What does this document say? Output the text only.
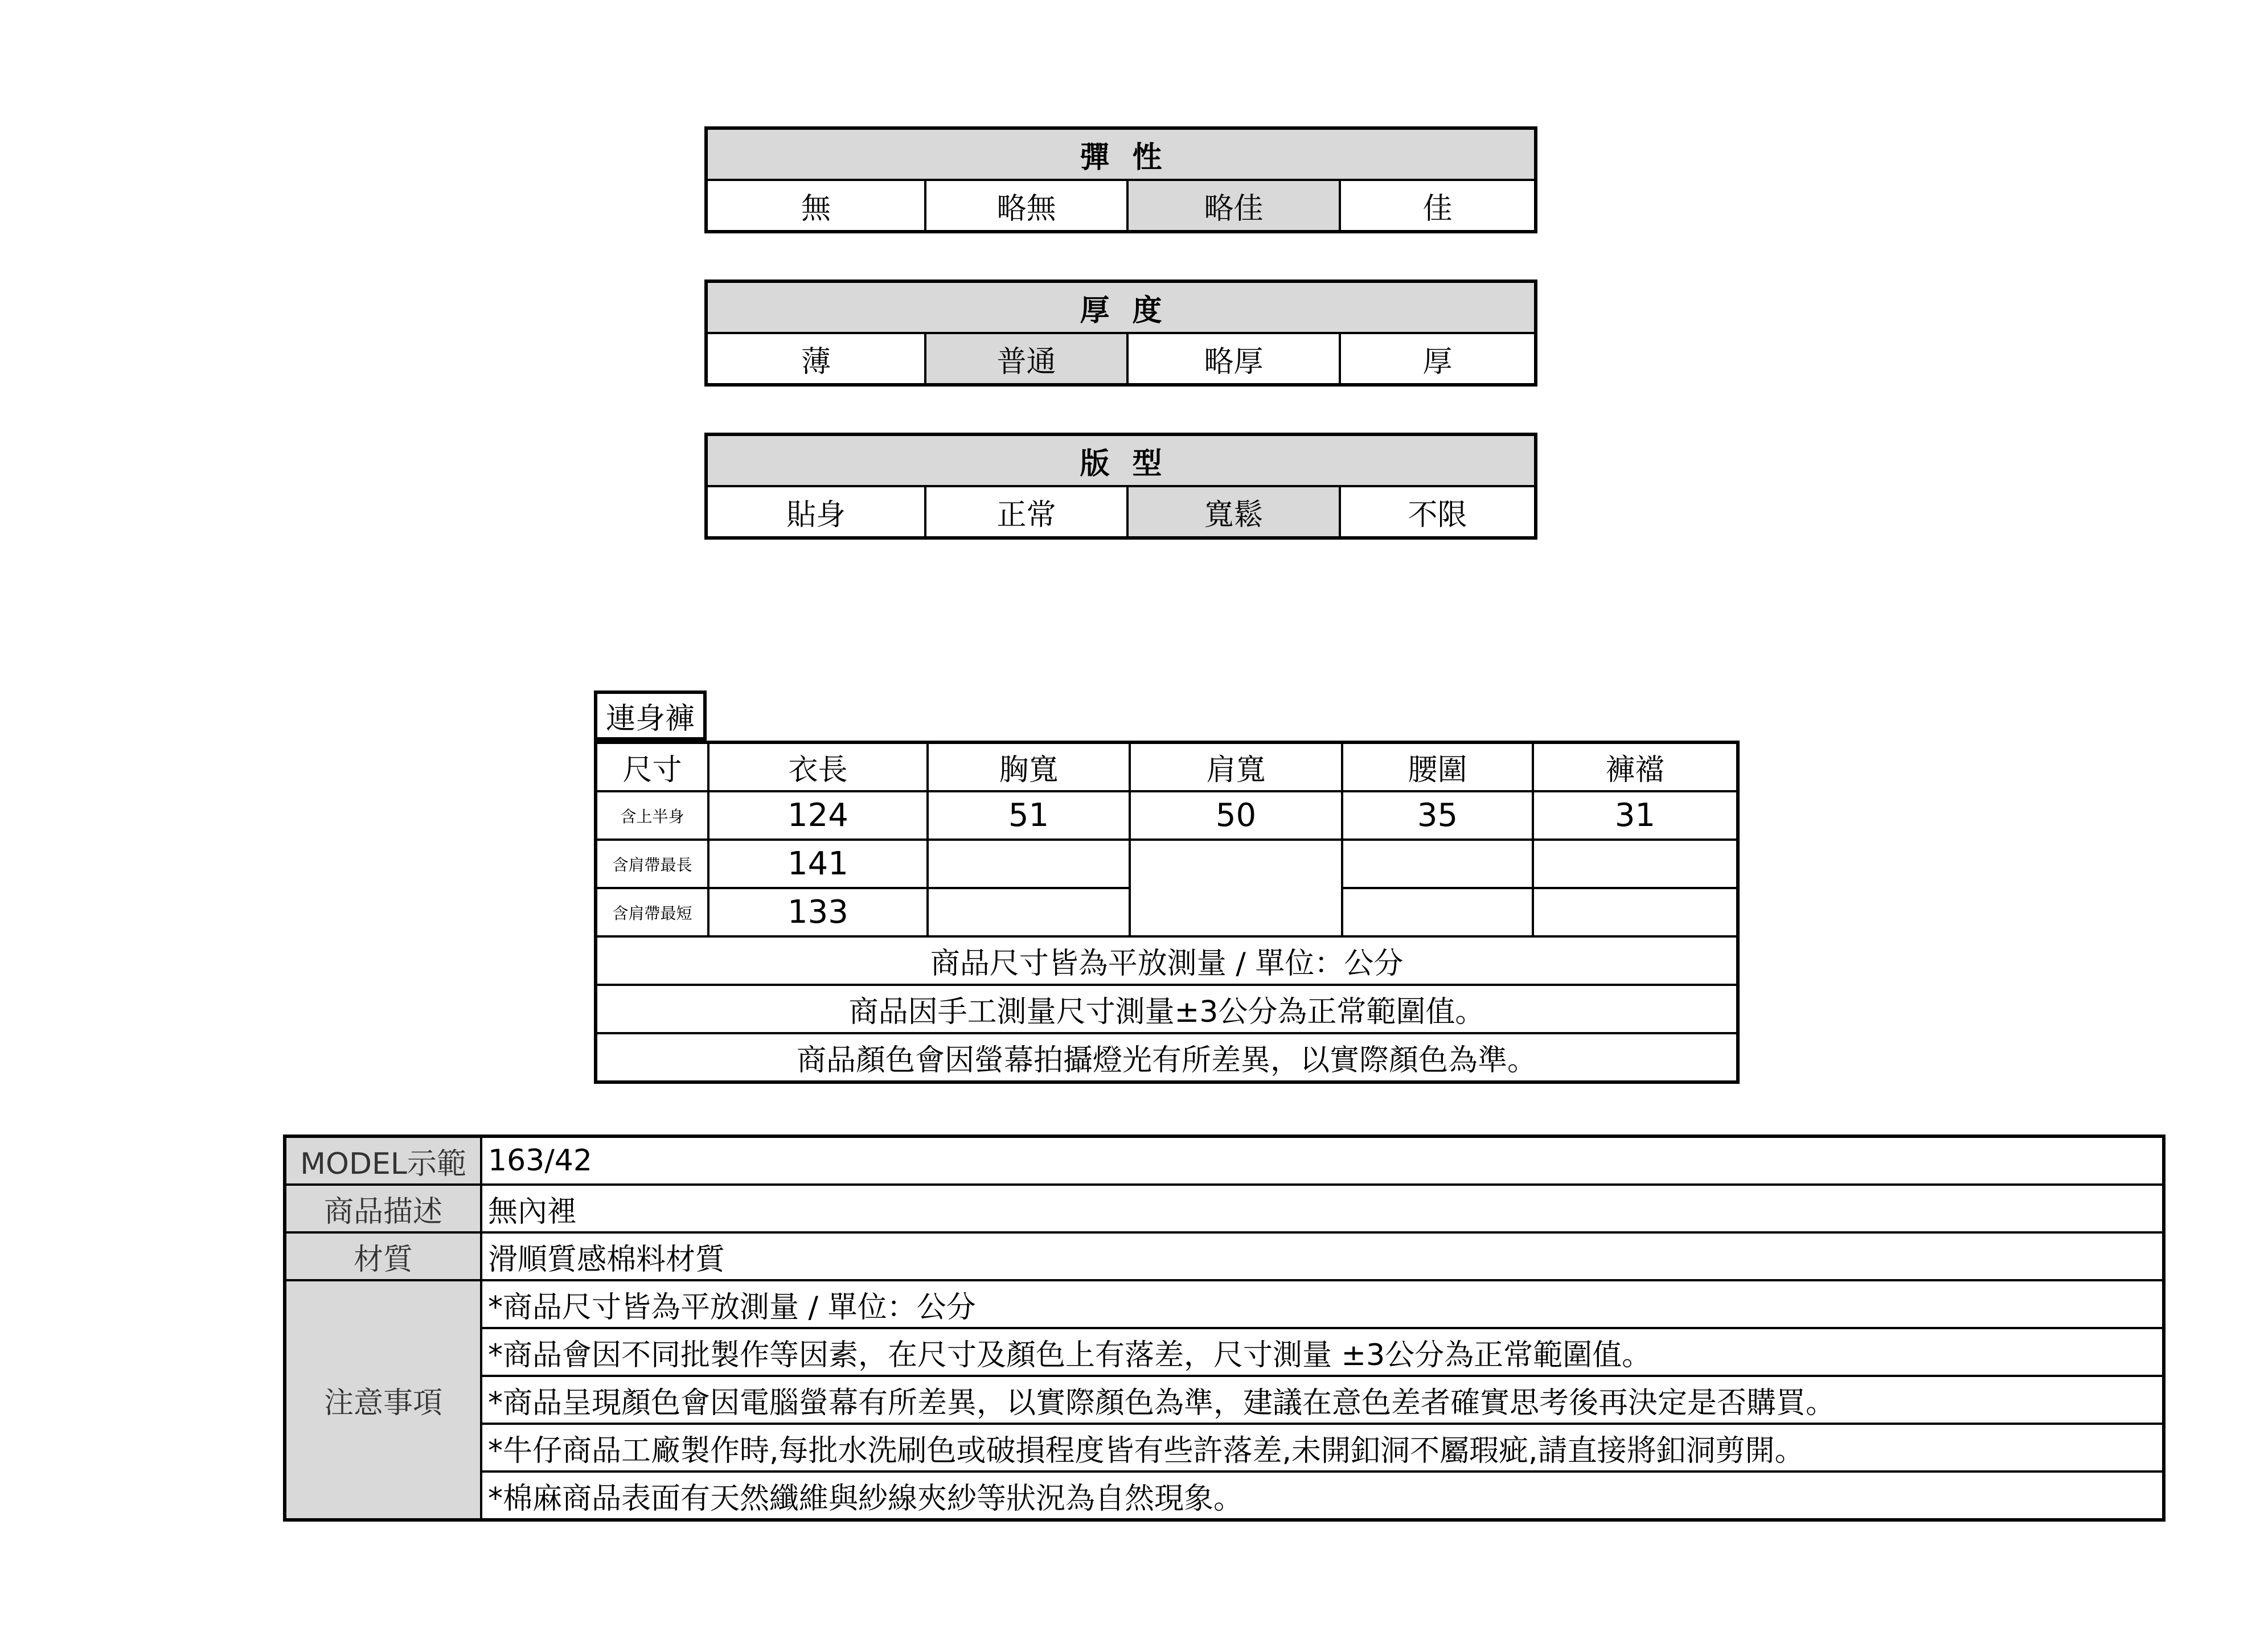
彈性
無	略無	略佳	佳
厚度
薄	普通	略厚	厚
版型
貼身	正常	寬鬆	不限
連身褲
尺寸	衣長	胸寬	肩寬	腰圍	褲襠
含上半身	124	51	50	35	31
含肩帶最長	141				
含肩帶最短	133				
商品尺寸皆為平放測量 / 單位：公分					
商品因手工測量尺寸測量±3公分為正常範圍值。					
商品顏色會因螢幕拍攝燈光有所差異，以實際顏色為準。					
MODEL示範	163/42
商品描述	無內裡
材質	滑順質感棉料材質
注意事項	*商品尺寸皆為平放測量 / 單位：公分
	*商品會因不同批製作等因素，在尺寸及顏色上有落差，尺寸測量 ±3公分為正常範圍值。
	*商品呈現顏色會因電腦螢幕有所差異，以實際顏色為準，建議在意色差者確實思考後再決定是否購買。
	*牛仔商品工廠製作時,每批水洗刷色或破損程度皆有些許落差,未開釦洞不屬瑕疵,請直接將釦洞剪開。
	*棉麻商品表面有天然纖維與紗線夾紗等狀況為自然現象。
